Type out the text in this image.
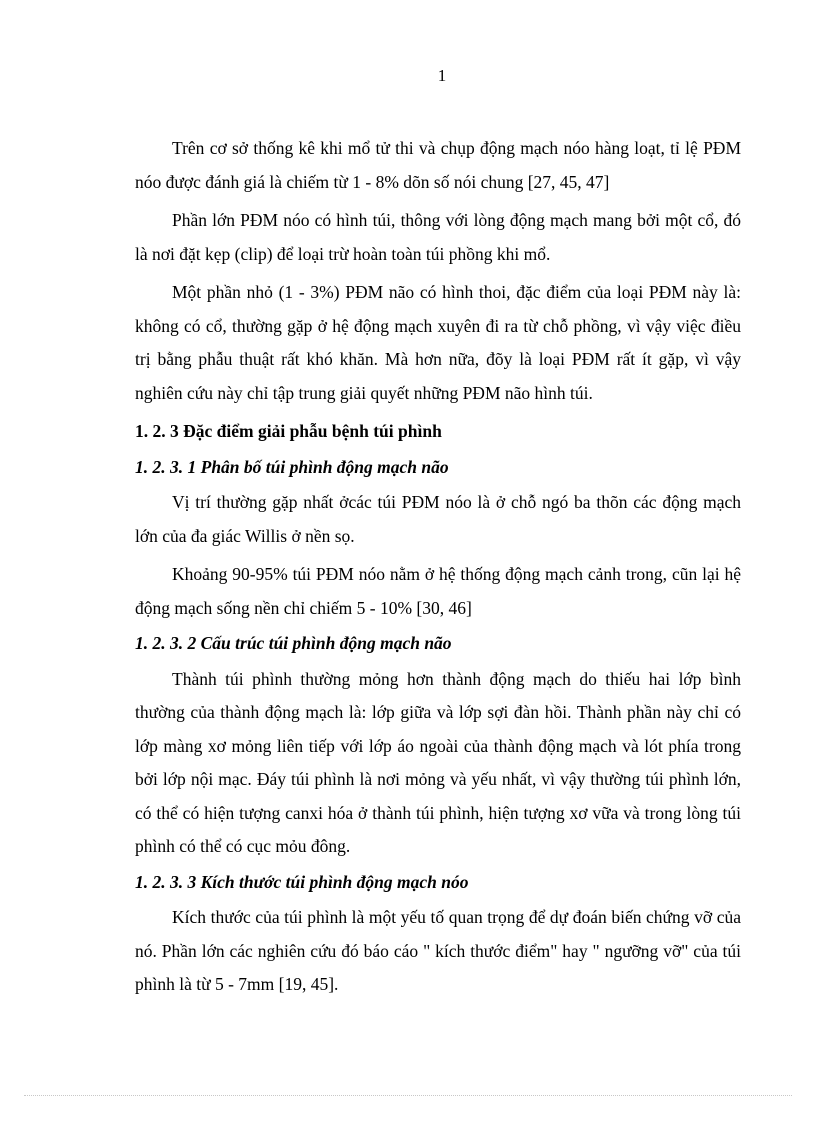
1

Trên cơ sở thống kê khi mổ tử thi và chụp động mạch nóo hàng loạt, tỉ lệ PĐM nóo được đánh giá là chiếm từ 1 - 8% dõn số nói chung [27, 45, 47]

Phần lớn PĐM nóo có hình túi, thông với lòng động mạch mang bởi một cổ, đó là nơi đặt kẹp (clip) để loại trừ hoàn toàn túi phồng khi mổ.

Một phần nhỏ (1 - 3%) PĐM não có hình thoi, đặc điểm của loại PĐM này là: không có cổ, thường gặp ở hệ động mạch xuyên đi ra từ chỗ phồng, vì vậy việc điều trị bằng phẫu thuật rất khó khăn. Mà hơn nữa, đõy là loại PĐM rất ít gặp, vì vậy nghiên cứu này chỉ tập trung giải quyết những PĐM não hình túi.

1. 2. 3 Đặc điểm giải phẫu bệnh túi phình
1. 2. 3. 1 Phân bố túi phình động mạch não

Vị trí thường gặp nhất ởcác túi PĐM nóo là ở chỗ ngó ba thõn các động mạch lớn của đa giác Willis ở nền sọ.

Khoảng 90-95% túi PĐM nóo nằm ở hệ thống động mạch cảnh trong, cũn lại hệ động mạch sống nền chỉ chiếm 5 - 10% [30, 46]

1. 2. 3. 2 Cấu trúc túi phình động mạch não

Thành túi phình thường mỏng hơn thành động mạch do thiếu hai lớp bình thường của thành động mạch là: lớp giữa và lớp sợi đàn hồi. Thành phần này chỉ có lớp màng xơ mỏng liên tiếp với lớp áo ngoài của thành động mạch và lót phía trong bởi lớp nội mạc. Đáy túi phình là nơi mỏng và yếu nhất, vì vậy thường túi phình lớn, có thể có hiện tượng canxi hóa ở thành túi phình, hiện tượng xơ vữa và trong lòng túi phình có thể có cục mỏu đông.

1. 2. 3. 3 Kích thước túi phình động mạch nóo

Kích thước của túi phình là một yếu tố quan trọng để dự đoán biến chứng vỡ của nó. Phần lớn các nghiên cứu đó báo cáo " kích thước điểm" hay " ngưỡng vỡ" của túi phình là từ 5 - 7mm [19, 45].
